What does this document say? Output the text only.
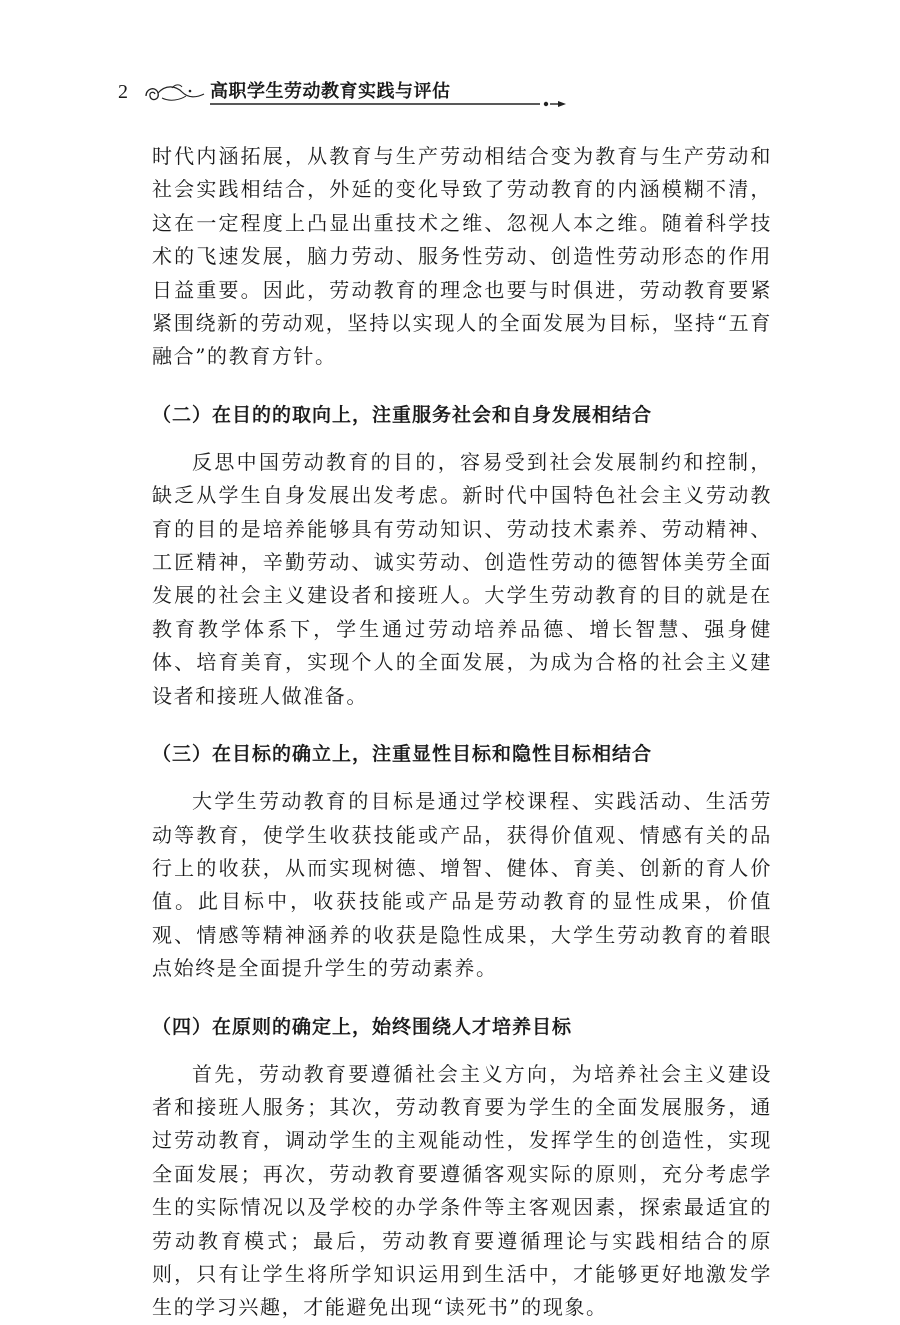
2	高职学生劳动教育实践与评估

时代内涵拓展，从教育与生产劳动相结合变为教育与生产劳动和社会实践相结合，外延的变化导致了劳动教育的内涵模糊不清，这在一定程度上凸显出重技术之维、忽视人本之维。随着科学技术的飞速发展，脑力劳动、服务性劳动、创造性劳动形态的作用日益重要。因此，劳动教育的理念也要与时俱进，劳动教育要紧紧围绕新的劳动观，坚持以实现人的全面发展为目标，坚持“五育融合”的教育方针。

（二）在目的的取向上，注重服务社会和自身发展相结合

反思中国劳动教育的目的，容易受到社会发展制约和控制，缺乏从学生自身发展出发考虑。新时代中国特色社会主义劳动教育的目的是培养能够具有劳动知识、劳动技术素养、劳动精神、工匠精神，辛勤劳动、诚实劳动、创造性劳动的德智体美劳全面发展的社会主义建设者和接班人。大学生劳动教育的目的就是在教育教学体系下，学生通过劳动培养品德、增长智慧、强身健体、培育美育，实现个人的全面发展，为成为合格的社会主义建设者和接班人做准备。

（三）在目标的确立上，注重显性目标和隐性目标相结合

大学生劳动教育的目标是通过学校课程、实践活动、生活劳动等教育，使学生收获技能或产品，获得价值观、情感有关的品行上的收获，从而实现树德、增智、健体、育美、创新的育人价值。此目标中，收获技能或产品是劳动教育的显性成果，价值观、情感等精神涵养的收获是隐性成果，大学生劳动教育的着眼点始终是全面提升学生的劳动素养。

（四）在原则的确定上，始终围绕人才培养目标

首先，劳动教育要遵循社会主义方向，为培养社会主义建设者和接班人服务；其次，劳动教育要为学生的全面发展服务，通过劳动教育，调动学生的主观能动性，发挥学生的创造性，实现全面发展；再次，劳动教育要遵循客观实际的原则，充分考虑学生的实际情况以及学校的办学条件等主客观因素，探索最适宜的劳动教育模式；最后，劳动教育要遵循理论与实践相结合的原则，只有让学生将所学知识运用到生活中，才能够更好地激发学生的学习兴趣，才能避免出现“读死书”的现象。
